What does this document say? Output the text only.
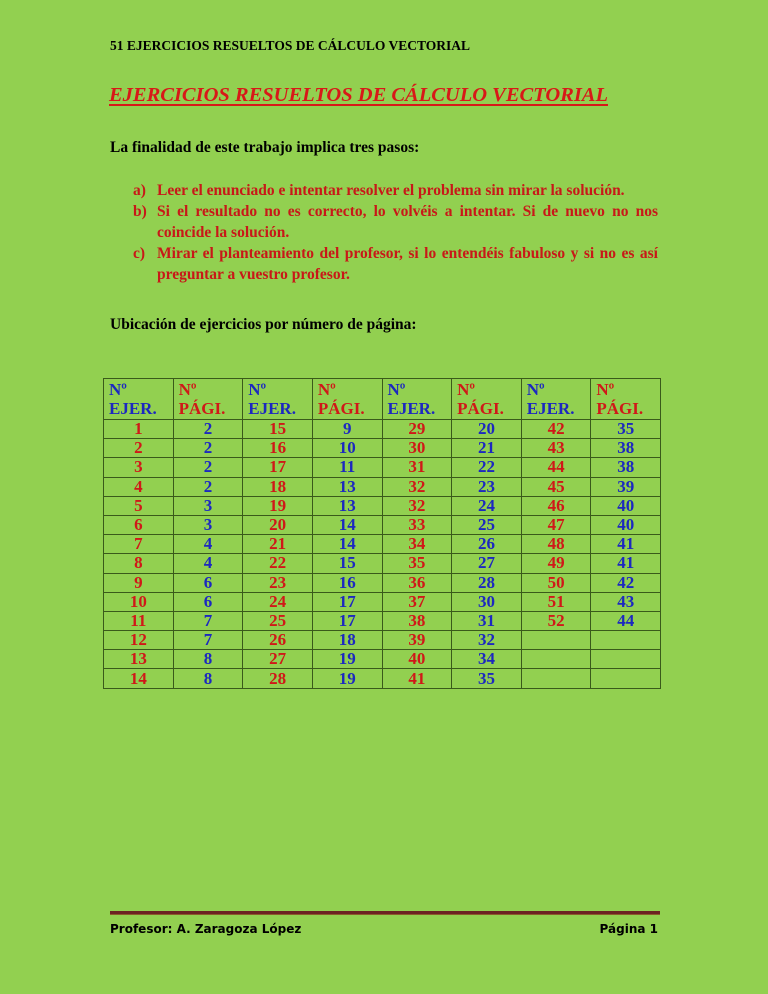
51 EJERCICIOS RESUELTOS DE CÁLCULO VECTORIAL
EJERCICIOS RESUELTOS DE CÁLCULO VECTORIAL
La finalidad de este trabajo implica tres pasos:
a) Leer el enunciado e intentar resolver el problema sin mirar la solución.
b) Si el resultado no es correcto, lo volvéis a intentar. Si de nuevo no nos coincide la solución.
c) Mirar el planteamiento del profesor, si lo entendéis fabuloso y si no es así preguntar a vuestro profesor.
Ubicación de ejercicios por número de página:
Nº
EJER.	Nº
PÁGI.	Nº
EJER.	Nº
PÁGI.	Nº
EJER.	Nº
PÁGI.	Nº
EJER.	Nº
PÁGI.
1	2	15	9	29	20	42	35
2	2	16	10	30	21	43	38
3	2	17	11	31	22	44	38
4	2	18	13	32	23	45	39
5	3	19	13	32	24	46	40
6	3	20	14	33	25	47	40
7	4	21	14	34	26	48	41
8	4	22	15	35	27	49	41
9	6	23	16	36	28	50	42
10	6	24	17	37	30	51	43
11	7	25	17	38	31	52	44
12	7	26	18	39	32		
13	8	27	19	40	34		
14	8	28	19	41	35		
Profesor: A. Zaragoza López	Página 1
